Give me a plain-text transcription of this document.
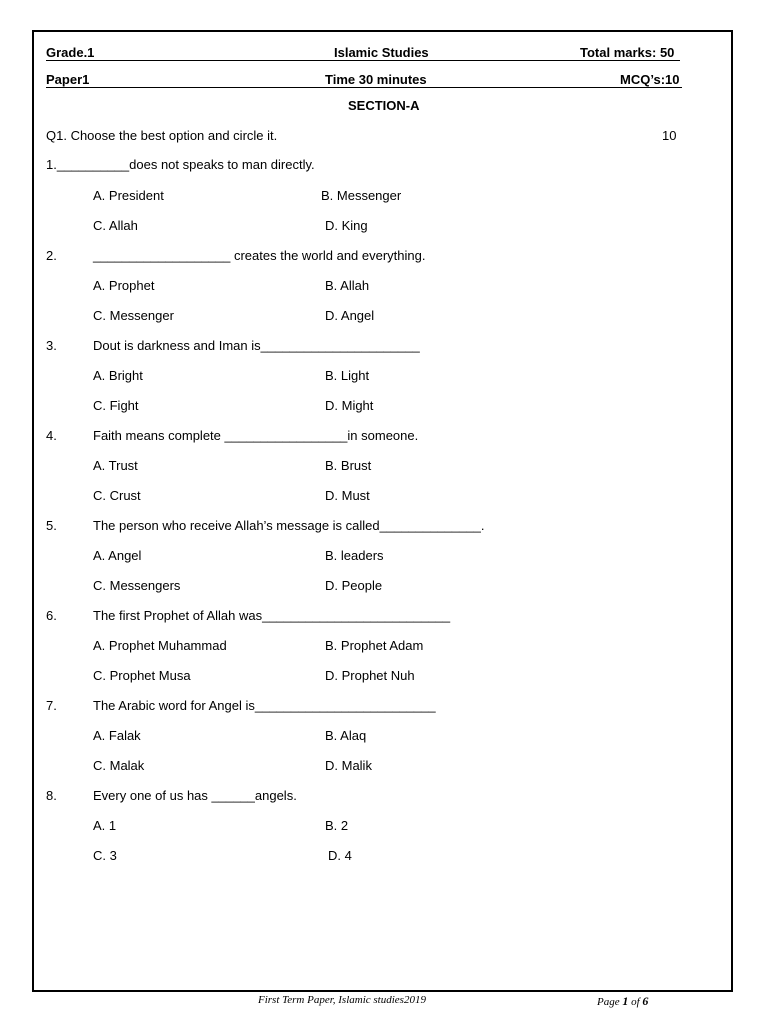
Grade.1	Islamic Studies	Total marks: 50
Paper1	Time 30 minutes	MCQ’s:10
SECTION-A
Q1. Choose the best option and circle it.	10
1.__________does not speaks to man directly.
A. President	B. Messenger
C. Allah	D. King
2.	___________________ creates the world and everything.
A. Prophet	B. Allah
C. Messenger	D. Angel
3.	Dout is darkness and Iman is______________________
A. Bright	B. Light
C. Fight	D. Might
4.	Faith means complete _________________in someone.
A. Trust	B. Brust
C. Crust	D. Must
5.	The person who receive Allah’s message is called______________.
A. Angel	B. leaders
C. Messengers	D. People
6.	The first Prophet of Allah was__________________________
A. Prophet Muhammad	B. Prophet Adam
C. Prophet Musa	D. Prophet Nuh
7.	The Arabic word for Angel is_________________________
A. Falak	B. Alaq
C. Malak	D. Malik
8.	Every one of us has ______angels.
A. 1	B. 2
C. 3	D. 4
First Term Paper, Islamic studies2019	Page 1 of 6
